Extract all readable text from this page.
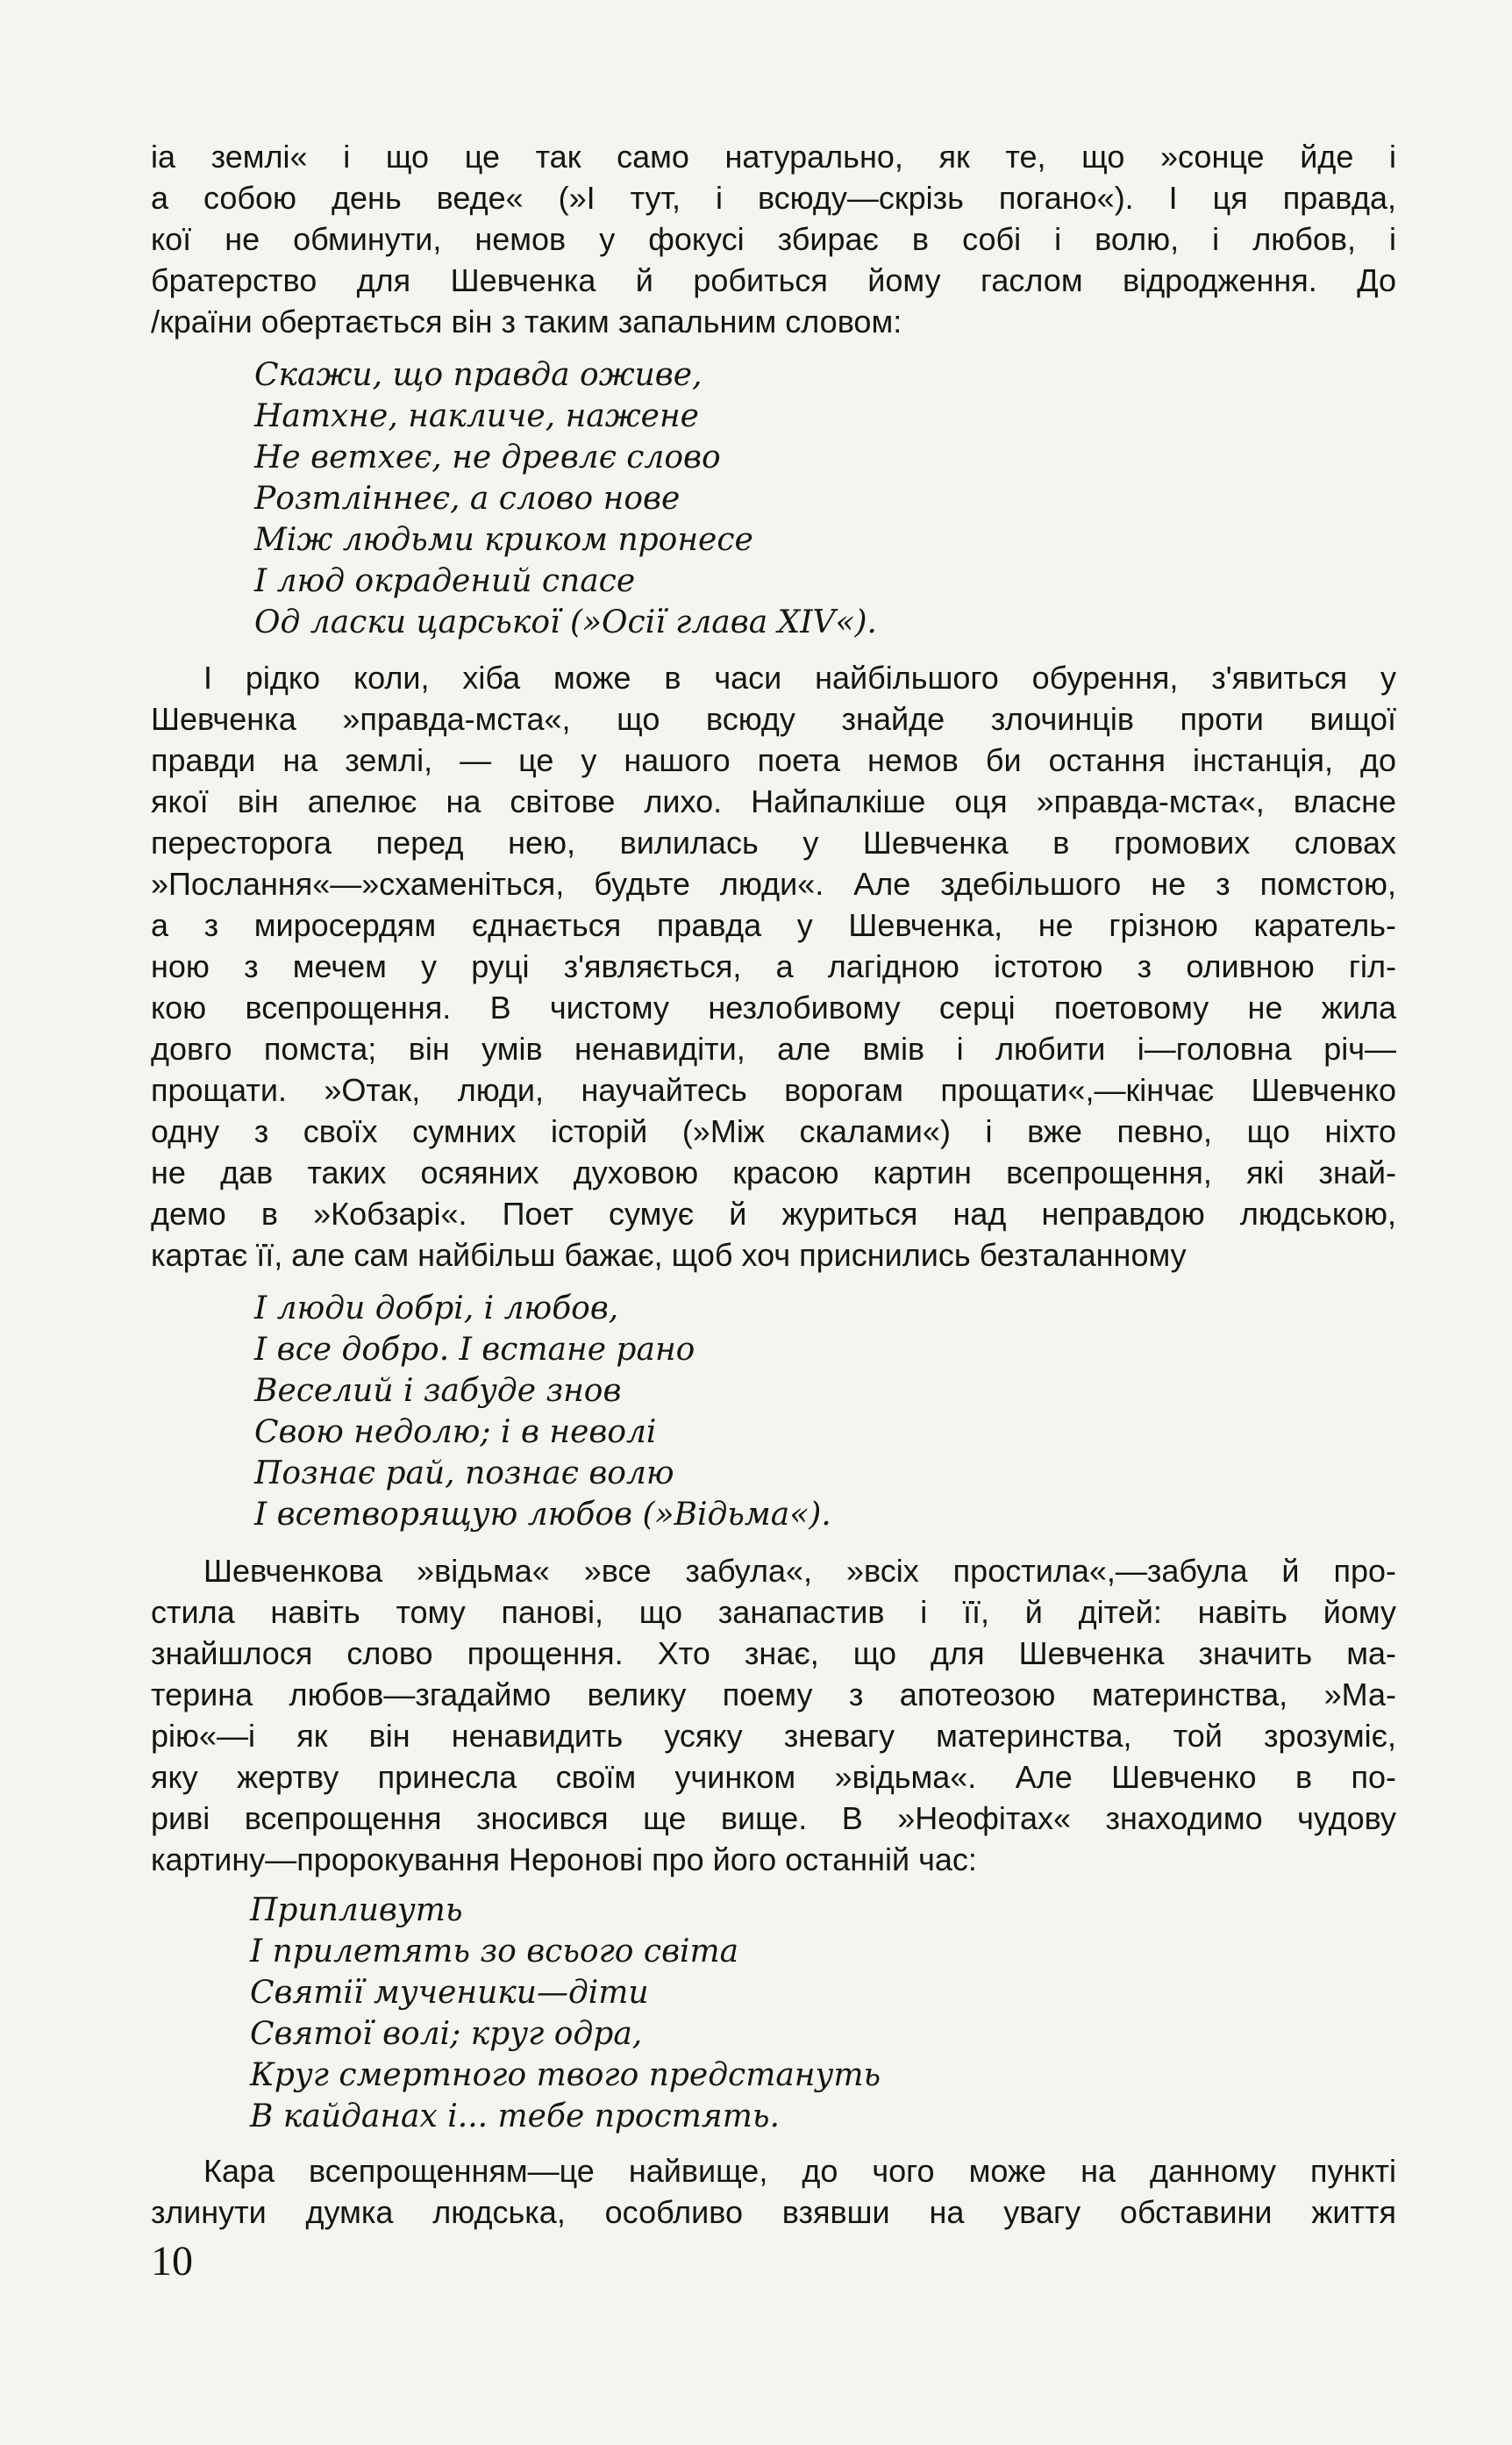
іа землі« і що це так само натурально, як те, що »сонце йде і
а собою день веде« (»І тут, і всюду—скрізь погано«). І ця правда,
кої не обминути, немов у фокусі збирає в собі і волю, і любов, і
братерство для Шевченка й робиться йому гаслом відродження. До
/країни обертається він з таким запальним словом:
Скажи, що правда оживе,
Натхне, накличе, нажене
Не ветхеє, не древлє слово
Розтліннеє, а слово нове
Між людьми криком пронесе
І люд окрадений спасе
Од ласки царської (»Осії глава XIV«).
І рідко коли, хіба може в часи найбільшого обурення, з'явиться у
Шевченка »правда-мста«, що всюду знайде злочинців проти вищої
правди на землі, — це у нашого поета немов би остання інстанція, до
якої він апелює на світове лихо. Найпалкіше оця »правда-мста«, власне
пересторога перед нею, вилилась у Шевченка в громових словах
»Послання«—»схаменіться, будьте люди«. Але здебільшого не з помстою,
а з миросердям єднається правда у Шевченка, не грізною каратель-
ною з мечем у руці з'являється, а лагідною істотою з оливною гіл-
кою всепрощення. В чистому незлобивому серці поетовому не жила
довго помста; він умів ненавидіти, але вмів і любити і—головна річ—
прощати. »Отак, люди, научайтесь ворогам прощати«,—кінчає Шевченко
одну з своїх сумних історій (»Між скалами«) і вже певно, що ніхто
не дав таких осяяних духовою красою картин всепрощення, які знай-
демо в »Кобзарі«. Поет сумує й журиться над неправдою людською,
картає її, але сам найбільш бажає, щоб хоч приснились безталанному
І люди добрі, і любов,
І все добро. І встане рано
Веселий і забуде знов
Свою недолю; і в неволі
Познає рай, познає волю
І всетворящую любов (»Відьма«).
Шевченкова »відьма« »все забула«, »всіх простила«,—забула й про-
стила навіть тому панові, що занапастив і її, й дітей: навіть йому
знайшлося слово прощення. Хто знає, що для Шевченка значить ма-
терина любов—згадаймо велику поему з апотеозою материнства, »Ма-
рію«—і як він ненавидить усяку зневагу материнства, той зрозуміє,
яку жертву принесла своїм учинком »відьма«. Але Шевченко в по-
риві всепрощення зносився ще вище. В »Неофітах« знаходимо чудову
картину—пророкування Неронові про його останній час:
Припливуть
І прилетять зо всього світа
Святії мученики—діти
Святої волі; круг одра,
Круг смертного твого предстануть
В кайданах і... тебе простять.
Кара всепрощенням—це найвище, до чого може на данному пункті
злинути думка людська, особливо взявши на увагу обставини життя
10
